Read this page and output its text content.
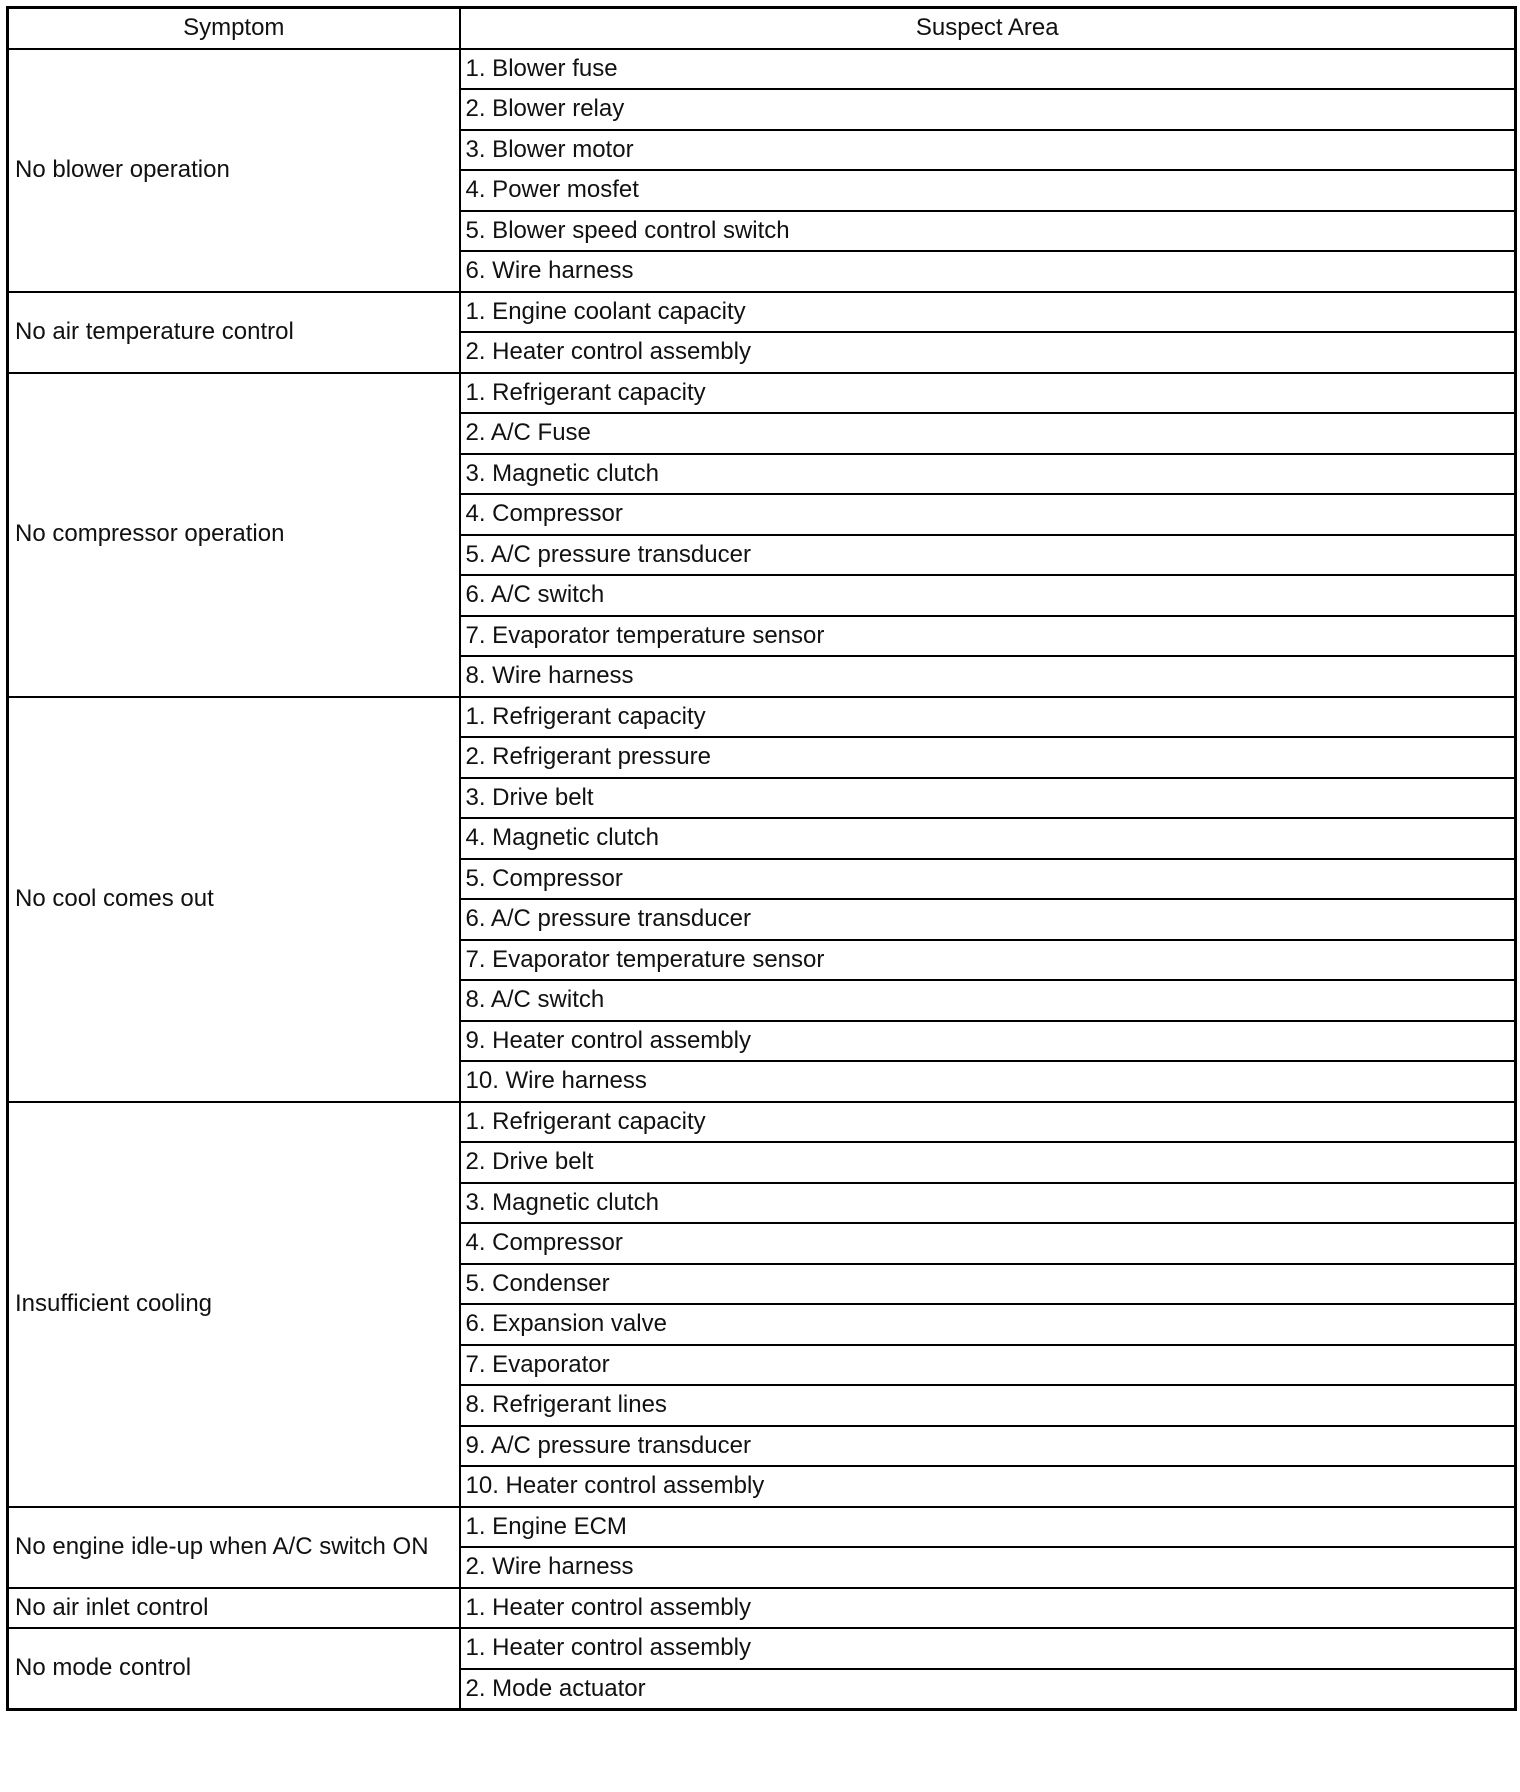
Symptom	Suspect Area
No blower operation	1. Blower fuse
	2. Blower relay
	3. Blower motor
	4. Power mosfet
	5. Blower speed control switch
	6. Wire harness
No air temperature control	1. Engine coolant capacity
	2. Heater control assembly
No compressor operation	1. Refrigerant capacity
	2. A/C Fuse
	3. Magnetic clutch
	4. Compressor
	5. A/C pressure transducer
	6. A/C switch
	7. Evaporator temperature sensor
	8. Wire harness
No cool comes out	1. Refrigerant capacity
	2. Refrigerant pressure
	3. Drive belt
	4. Magnetic clutch
	5. Compressor
	6. A/C pressure transducer
	7. Evaporator temperature sensor
	8. A/C switch
	9. Heater control assembly
	10. Wire harness
Insufficient cooling	1. Refrigerant capacity
	2. Drive belt
	3. Magnetic clutch
	4. Compressor
	5. Condenser
	6. Expansion valve
	7. Evaporator
	8. Refrigerant lines
	9. A/C pressure transducer
	10. Heater control assembly
No engine idle-up when A/C switch ON	1. Engine ECM
	2. Wire harness
No air inlet control	1. Heater control assembly
No mode control	1. Heater control assembly
	2. Mode actuator
